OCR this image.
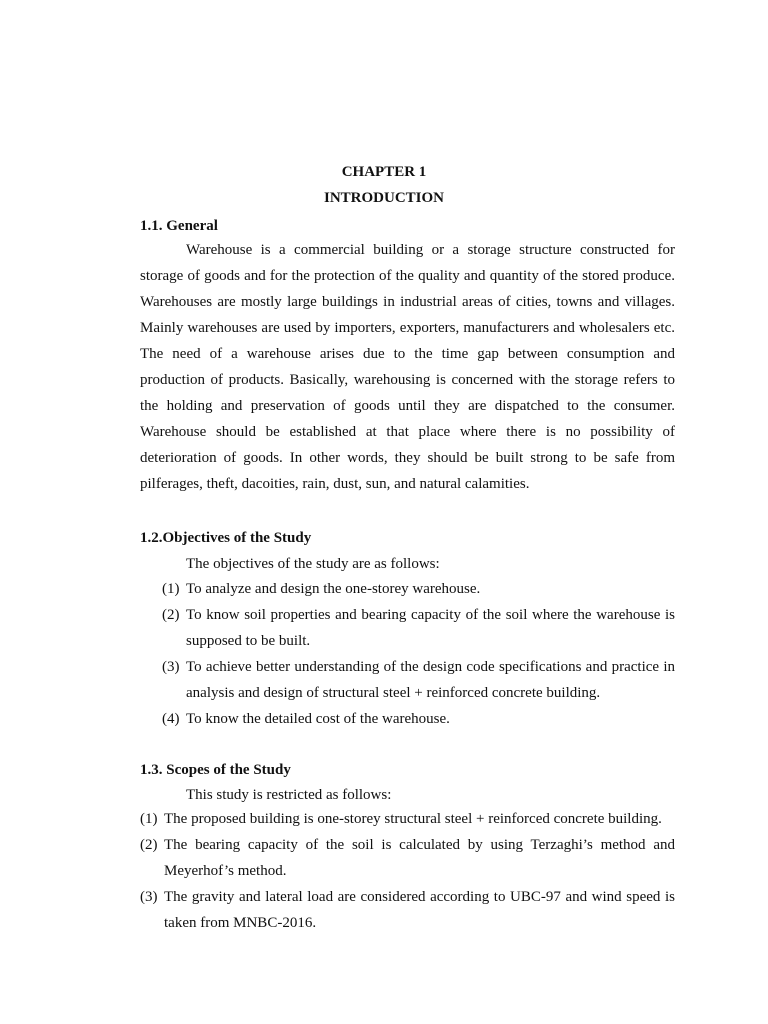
CHAPTER 1
INTRODUCTION
1.1. General
Warehouse is a commercial building or a storage structure constructed for storage of goods and for the protection of the quality and quantity of the stored produce. Warehouses are mostly large buildings in industrial areas of cities, towns and villages. Mainly warehouses are used by importers, exporters, manufacturers and wholesalers etc. The need of a warehouse arises due to the time gap between consumption and production of products. Basically, warehousing is concerned with the storage refers to the holding and preservation of goods until they are dispatched to the consumer. Warehouse should be established at that place where there is no possibility of deterioration of goods. In other words, they should be built strong to be safe from pilferages, theft, dacoities, rain, dust, sun, and natural calamities.
1.2.Objectives of the Study
The objectives of the study are as follows:
(1) To analyze and design the one-storey warehouse.
(2) To know soil properties and bearing capacity of the soil where the warehouse is supposed to be built.
(3) To achieve better understanding of the design code specifications and practice in analysis and design of structural steel + reinforced concrete building.
(4) To know the detailed cost of the warehouse.
1.3. Scopes of the Study
This study is restricted as follows:
(1) The proposed building is one-storey structural steel + reinforced concrete building.
(2) The bearing capacity of the soil is calculated by using Terzaghi’s method and Meyerhof’s method.
(3) The gravity and lateral load are considered according to UBC-97 and wind speed is taken from MNBC-2016.
